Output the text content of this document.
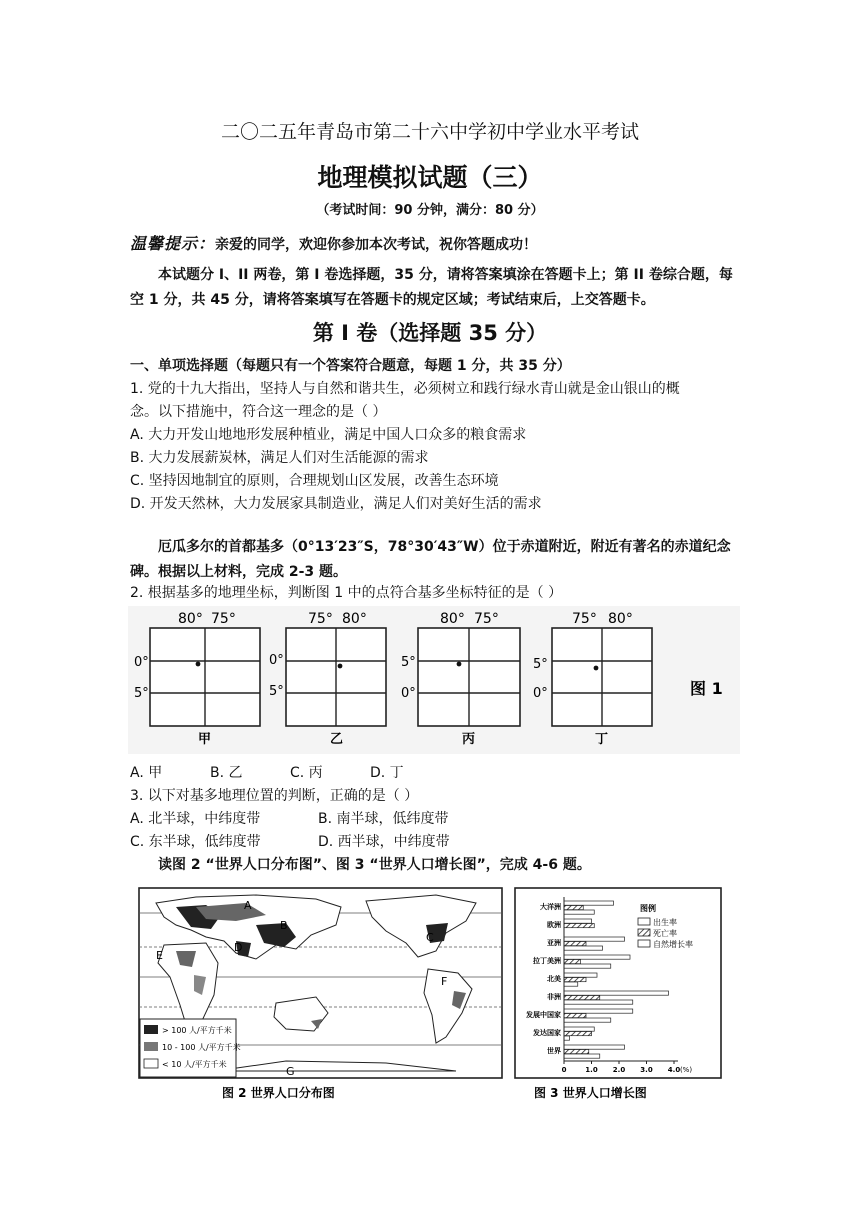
二〇二五年青岛市第二十六中学初中学业水平考试
地理模拟试题（三）
（考试时间：90 分钟，满分：80 分）
温馨提示：亲爱的同学，欢迎你参加本次考试，祝你答题成功！
本试题分 I、II 两卷，第 I 卷选择题，35 分，请将答案填涂在答题卡上；第 II 卷综合题，每空 1 分，共 45 分，请将答案填写在答题卡的规定区域；考试结束后，上交答题卡。
第 I 卷（选择题 35 分）
一、单项选择题（每题只有一个答案符合题意，每题 1 分，共 35 分）
1. 党的十九大指出，坚持人与自然和谐共生，必须树立和践行绿水青山就是金山银山的概
念。以下措施中，符合这一理念的是（ ）
A. 大力开发山地地形发展种植业，满足中国人口众多的粮食需求
B. 大力发展薪炭林，满足人们对生活能源的需求
C. 坚持因地制宜的原则，合理规划山区发展，改善生态环境
D. 开发天然林，大力发展家具制造业，满足人们对美好生活的需求
厄瓜多尔的首都基多（0°13′23″S，78°30′43″W）位于赤道附近，附近有著名的赤道纪念碑。根据以上材料，完成 2-3 题。
2. 根据基多的地理坐标，判断图 1 中的点符合基多坐标特征的是（ ）
80° 75°
0°
5°
甲
75° 80°
0°
5°
乙
80° 75°
5°
0°
丙
75° 80°
5°
0°
丁
图 1
A. 甲	B. 乙	C. 丙	D. 丁
3. 以下对基多地理位置的判断，正确的是（ ）
A. 北半球，中纬度带	B. 南半球，低纬度带
C. 东半球，低纬度带	D. 西半球，中纬度带
读图 2 “世界人口分布图”、图 3 “世界人口增长图”，完成 4-6 题。
A
B
C
D
E
F
G
> 100 人/平方千米
10 - 100 人/平方千米
< 10 人/平方千米
图 2 世界人口分布图
大洋洲
欧洲
亚洲
拉丁美洲
北美
非洲
发展中国家
发达国家
世界
0	1.0 2.0 3.0 4.0 (%)
图例
出生率
死亡率
自然增长率
图 3 世界人口增长图
